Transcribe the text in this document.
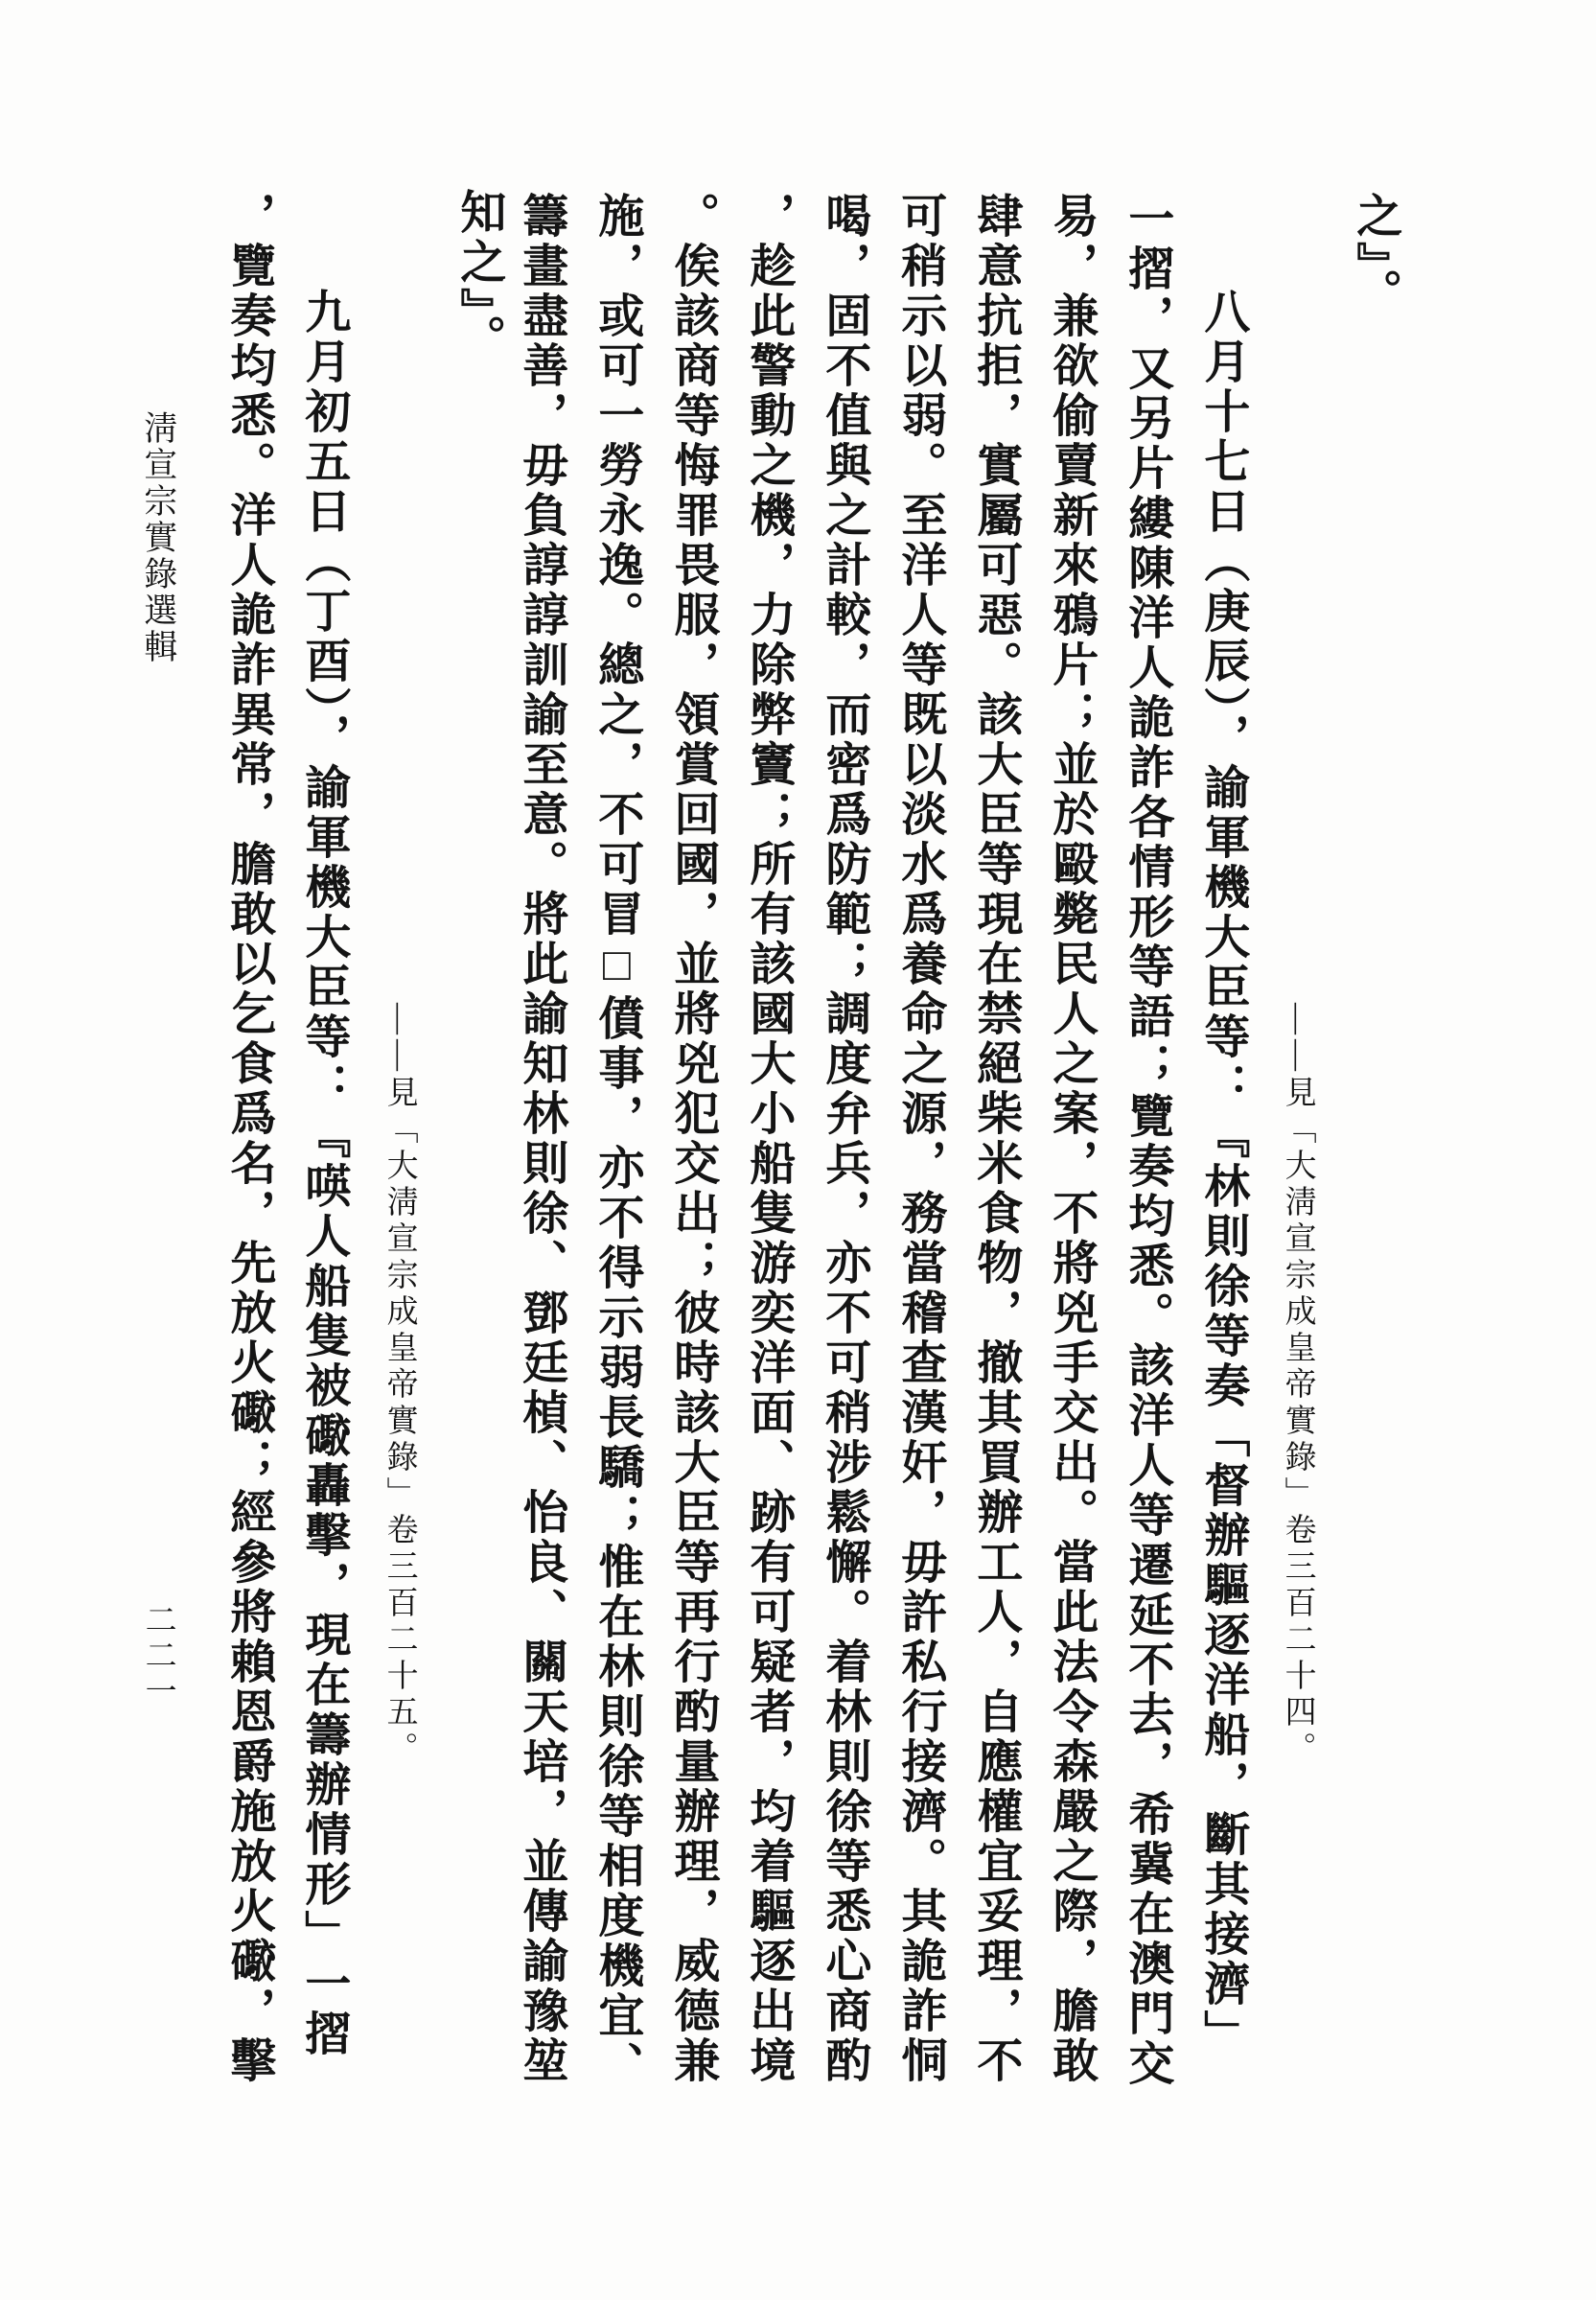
之』。
——見「大淸宣宗成皇帝實錄」卷三百二十四。
八月十七日（庚辰），諭軍機大臣等：『林則徐等奏「督辦驅逐洋船，斷其接濟」
一摺，又另片縷陳洋人詭詐各情形等語；覽奏均悉。該洋人等遷延不去，希冀在澳門交
易，兼欲偷賣新來鴉片；並於毆斃民人之案，不將兇手交出。當此法令森嚴之際，膽敢
肆意抗拒，實屬可惡。該大臣等現在禁絕柴米食物，撤其買辦工人，自應權宜妥理，不
可稍示以弱。至洋人等既以淡水爲養命之源，務當稽查漢奸，毋許私行接濟。其詭詐恫
喝，固不值與之計較，而密爲防範；調度弁兵，亦不可稍涉鬆懈。着林則徐等悉心商酌
，趁此警動之機，力除弊竇；所有該國大小船隻游奕洋面、跡有可疑者，均着驅逐出境
。俟該商等悔罪畏服，領賞回國，並將兇犯交出；彼時該大臣等再行酌量辦理，威德兼
施，或可一勞永逸。總之，不可冒□僨事，亦不得示弱長驕；惟在林則徐等相度機宜、
籌畫盡善，毋負諄諄訓諭至意。將此諭知林則徐、鄧廷楨、怡良、關天培，並傳諭豫堃
知之』。
——見「大淸宣宗成皇帝實錄」卷三百二十五。
九月初五日（丁酉），諭軍機大臣等：『𠸄人船隻被礮轟擊，現在籌辦情形」一摺
，覽奏均悉。洋人詭詐異常，膽敢以乞食爲名，先放火礮；經參將賴恩爵施放火礮，擊
淸宣宗實錄選輯
二二一
